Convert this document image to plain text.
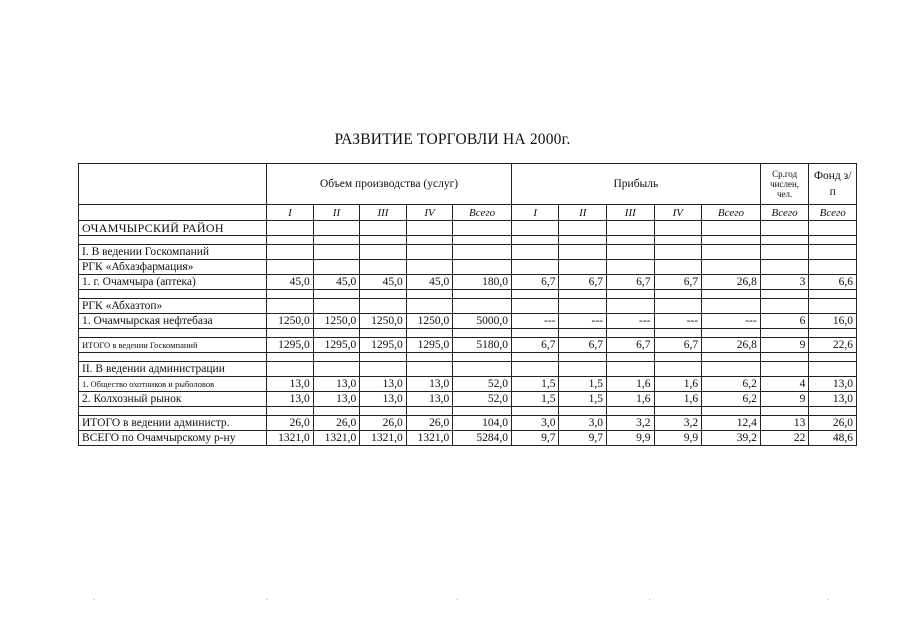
РАЗВИТИЕ ТОРГОВЛИ НА 2000г.
	Объем производства (услуг)					Прибыль					Ср.год числен, чел.	Фонд з/п
	I	II	III	IV	Всего	I	II	III	IV	Всего	Всего	Всего
ОЧАМЧЫРСКИЙ РАЙОН												

I. В ведении Госкомпаний												
РГК «Абхазфармация»												
1. г. Очамчыра (аптека)	45,0	45,0	45,0	45,0	180,0	6,7	6,7	6,7	6,7	26,8	3	6,6

РГК «Абхазтоп»												
1. Очамчырская нефтебаза	1250,0	1250,0	1250,0	1250,0	5000,0	---	---	---	---	---	6	16,0

ИТОГО в ведении Госкомпаний	1295,0	1295,0	1295,0	1295,0	5180,0	6,7	6,7	6,7	6,7	26,8	9	22,6

II. В ведении администрации												
1. Общество охотников и рыболовов	13,0	13,0	13,0	13,0	52,0	1,5	1,5	1,6	1,6	6,2	4	13,0
2. Колхозный рынок	13,0	13,0	13,0	13,0	52,0	1,5	1,5	1,6	1,6	6,2	9	13,0

ИТОГО в ведении админиcтр.	26,0	26,0	26,0	26,0	104,0	3,0	3,0	3,2	3,2	12,4	13	26,0
ВСЕГО по Очамчырскому р-ну	1321,0	1321,0	1321,0	1321,0	5284,0	9,7	9,7	9,9	9,9	39,2	22	48,6
·	·	·	·	·
